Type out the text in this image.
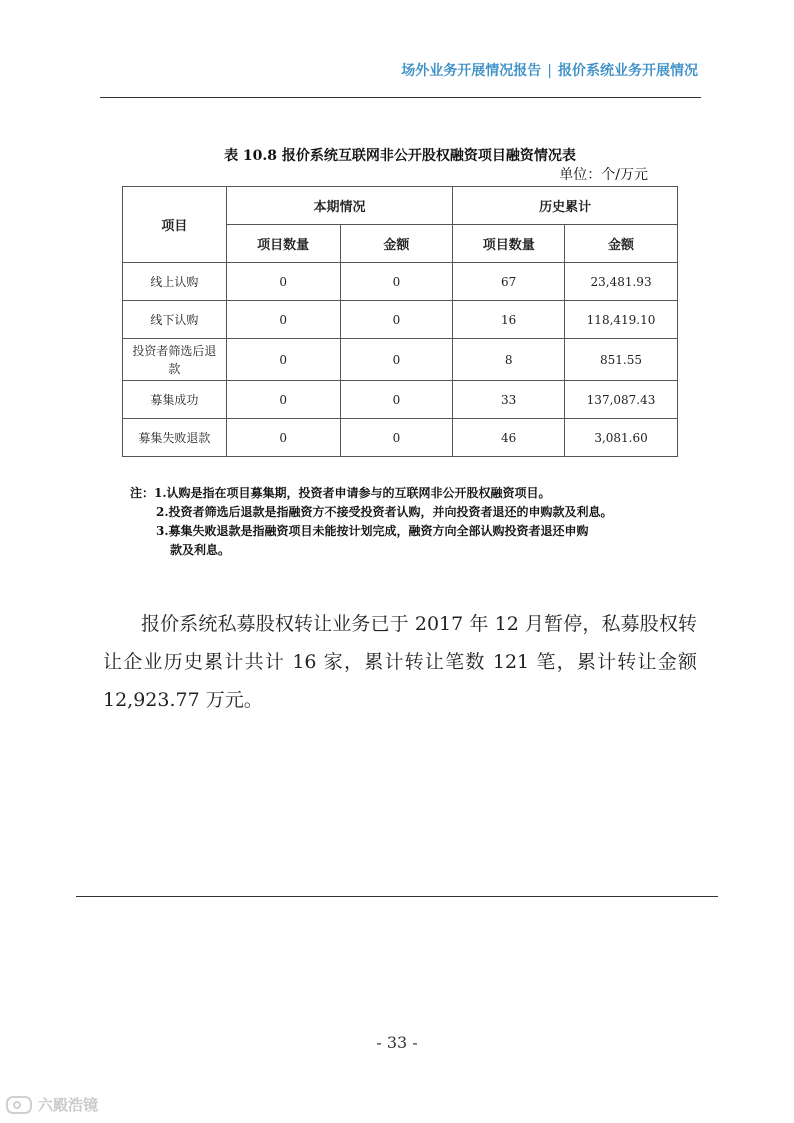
场外业务开展情况报告 | 报价系统业务开展情况
表 10.8 报价系统互联网非公开股权融资项目融资情况表
单位：个/万元
项目	本期情况		历史累计	
	项目数量	金额	项目数量	金额
线上认购	0	0	67	23,481.93
线下认购	0	0	16	118,419.10
投资者筛选后退款	0	0	8	851.55
募集成功	0	0	33	137,087.43
募集失败退款	0	0	46	3,081.60
注：1.认购是指在项目募集期，投资者申请参与的互联网非公开股权融资项目。
2.投资者筛选后退款是指融资方不接受投资者认购，并向投资者退还的申购款及利息。
3.募集失败退款是指融资项目未能按计划完成，融资方向全部认购投资者退还申购
款及利息。

报价系统私募股权转让业务已于 2017 年 12 月暂停，私募股权转让企业历史累计共计 16 家，累计转让笔数 121 笔，累计转让金额 12,923.77 万元。

- 33 -
六殿浩镜
